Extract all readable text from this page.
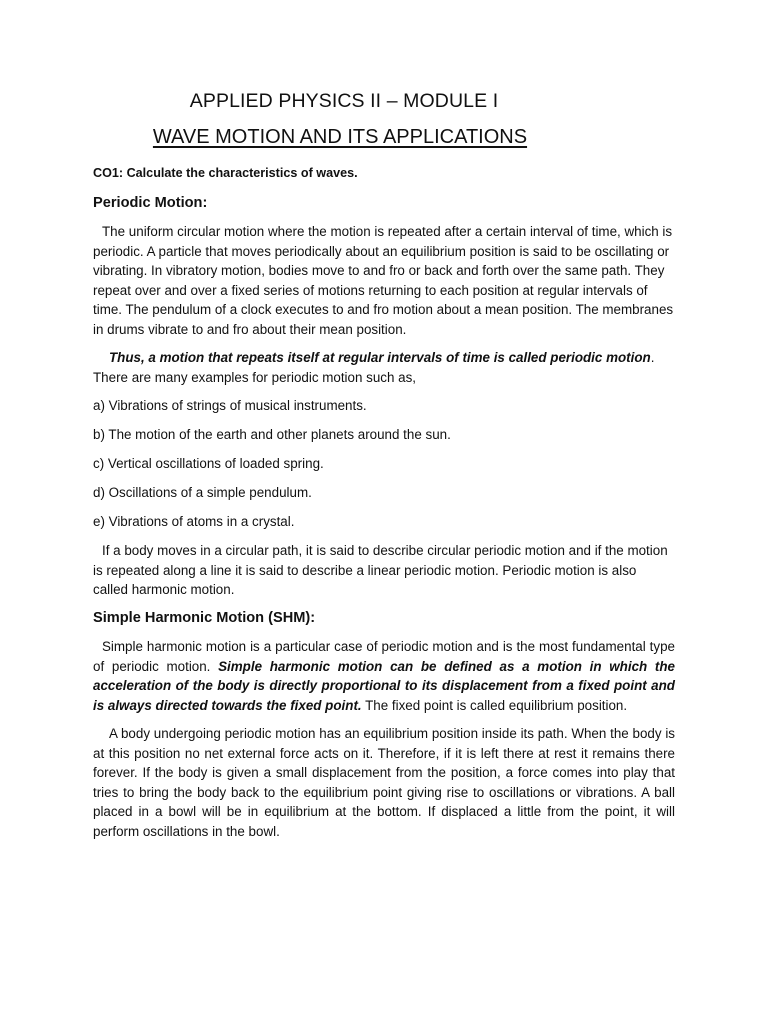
APPLIED PHYSICS II – MODULE I
WAVE MOTION AND ITS APPLICATIONS
CO1: Calculate the characteristics of waves.
Periodic Motion:

The uniform circular motion where the motion is repeated after a certain interval of time, which is periodic. A particle that moves periodically about an equilibrium position is said to be oscillating or vibrating. In vibratory motion, bodies move to and fro or back and forth over the same path. They repeat over and over a fixed series of motions returning to each position at regular intervals of time. The pendulum of a clock executes to and fro motion about a mean position. The membranes in drums vibrate to and fro about their mean position.

Thus, a motion that repeats itself at regular intervals of time is called periodic motion. There are many examples for periodic motion such as,

a) Vibrations of strings of musical instruments.
b) The motion of the earth and other planets around the sun.
c) Vertical oscillations of loaded spring.
d) Oscillations of a simple pendulum.
e) Vibrations of atoms in a crystal.

If a body moves in a circular path, it is said to describe circular periodic motion and if the motion is repeated along a line it is said to describe a linear periodic motion. Periodic motion is also called harmonic motion.

Simple Harmonic Motion (SHM):

Simple harmonic motion is a particular case of periodic motion and is the most fundamental type of periodic motion. Simple harmonic motion can be defined as a motion in which the acceleration of the body is directly proportional to its displacement from a fixed point and is always directed towards the fixed point. The fixed point is called equilibrium position.

A body undergoing periodic motion has an equilibrium position inside its path. When the body is at this position no net external force acts on it. Therefore, if it is left there at rest it remains there forever. If the body is given a small displacement from the position, a force comes into play that tries to bring the body back to the equilibrium point giving rise to oscillations or vibrations. A ball placed in a bowl will be in equilibrium at the bottom. If displaced a little from the point, it will perform oscillations in the bowl.
